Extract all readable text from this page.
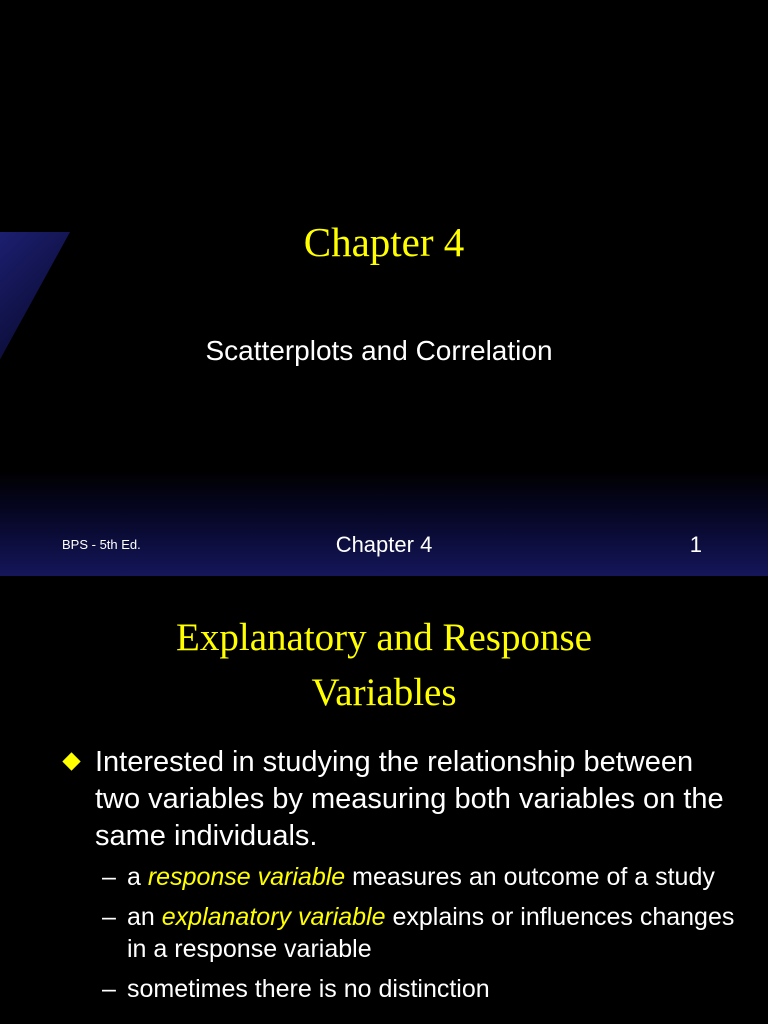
Chapter 4
Scatterplots and Correlation
BPS - 5th Ed.	Chapter 4	1
Explanatory and Response
Variables
Interested in studying the relationship between two variables by measuring both variables on the same individuals.
– a response variable measures an outcome of a study
– an explanatory variable explains or influences changes in a response variable
– sometimes there is no distinction
